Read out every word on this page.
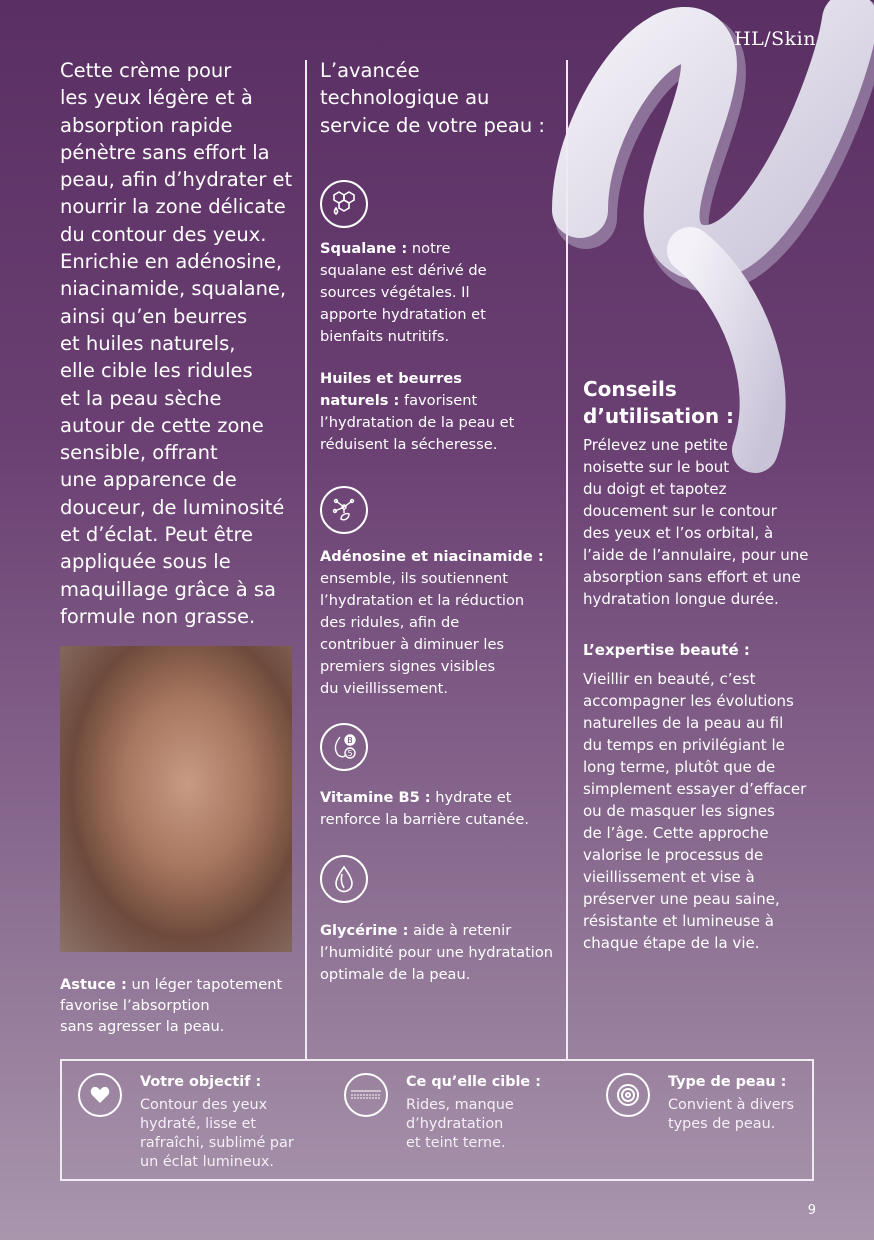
HL/Skin
Cette crème pour
les yeux légère et à
absorption rapide
pénètre sans effort la
peau, afin d’hydrater et
nourrir la zone délicate
du contour des yeux.
Enrichie en adénosine,
niacinamide, squalane,
ainsi qu’en beurres
et huiles naturels,
elle cible les ridules
et la peau sèche
autour de cette zone
sensible, offrant
une apparence de
douceur, de luminosité
et d’éclat. Peut être
appliquée sous le
maquillage grâce à sa
formule non grasse.
Astuce : un léger tapotement
favorise l’absorption
sans agresser la peau.
L’avancée
technologique au
service de votre peau :
Squalane : notre
squalane est dérivé de
sources végétales. Il
apporte hydratation et
bienfaits nutritifs.
Huiles et beurres
naturels : favorisent
l’hydratation de la peau et
réduisent la sécheresse.
Adénosine et niacinamide :
ensemble, ils soutiennent
l’hydratation et la réduction
des ridules, afin de
contribuer à diminuer les
premiers signes visibles
du vieillissement.
B
5
Vitamine B5 : hydrate et
renforce la barrière cutanée.
Glycérine : aide à retenir
l’humidité pour une hydratation
optimale de la peau.
Conseils
d’utilisation :
Prélevez une petite
noisette sur le bout
du doigt et tapotez
doucement sur le contour
des yeux et l’os orbital, à
l’aide de l’annulaire, pour une
absorption sans effort et une
hydratation longue durée.
L’expertise beauté :
Vieillir en beauté, c’est
accompagner les évolutions
naturelles de la peau au fil
du temps en privilégiant le
long terme, plutôt que de
simplement essayer d’effacer
ou de masquer les signes
de l’âge. Cette approche
valorise le processus de
vieillissement et vise à
préserver une peau saine,
résistante et lumineuse à
chaque étape de la vie.
Votre objectif :
Contour des yeux
hydraté, lisse et
rafraîchi, sublimé par
un éclat lumineux.
Ce qu’elle cible :
Rides, manque
d’hydratation
et teint terne.
Type de peau :
Convient à divers
types de peau.
9
